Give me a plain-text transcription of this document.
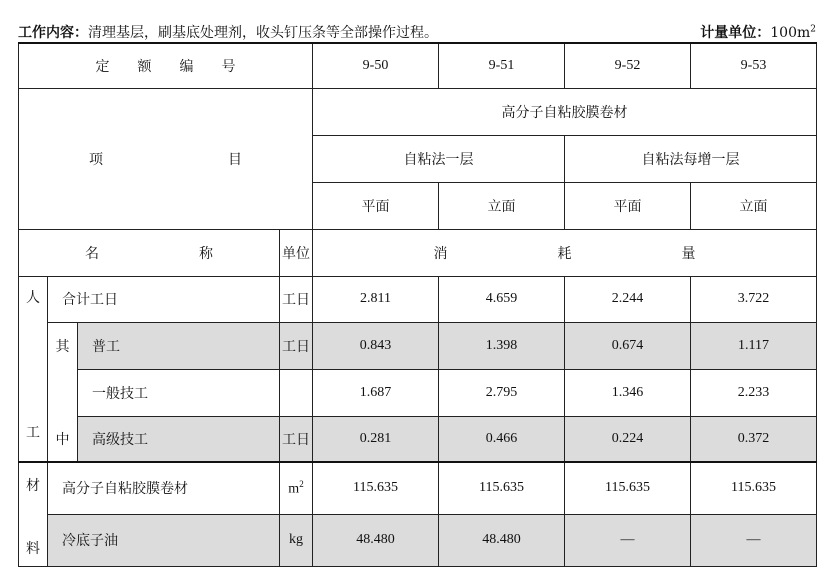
工作内容：清理基层，刷基底处理剂，收头钉压条等全部操作过程。	计量单位：$100m^2$
定   额   编   号				9-50	9-51	9-52	9-53
项 目				高分子自粘胶膜卷材			
				自粘法一层		自粘法每增一层	
				平面	立面	平面	立面
名 称			单位	消 耗 量			
人	合计工日		工日	2.811	4.659	2.244	3.722
	其	普工	工日	0.843	1.398	0.674	1.117
		一般技工		1.687	2.795	1.346	2.233
工	中	高级技工	工日	0.281	0.466	0.224	0.372
材	高分子自粘胶膜卷材		$m^2$	115.635	115.635	115.635	115.635
料	冷底子油		kg	48.480	48.480	—	—
